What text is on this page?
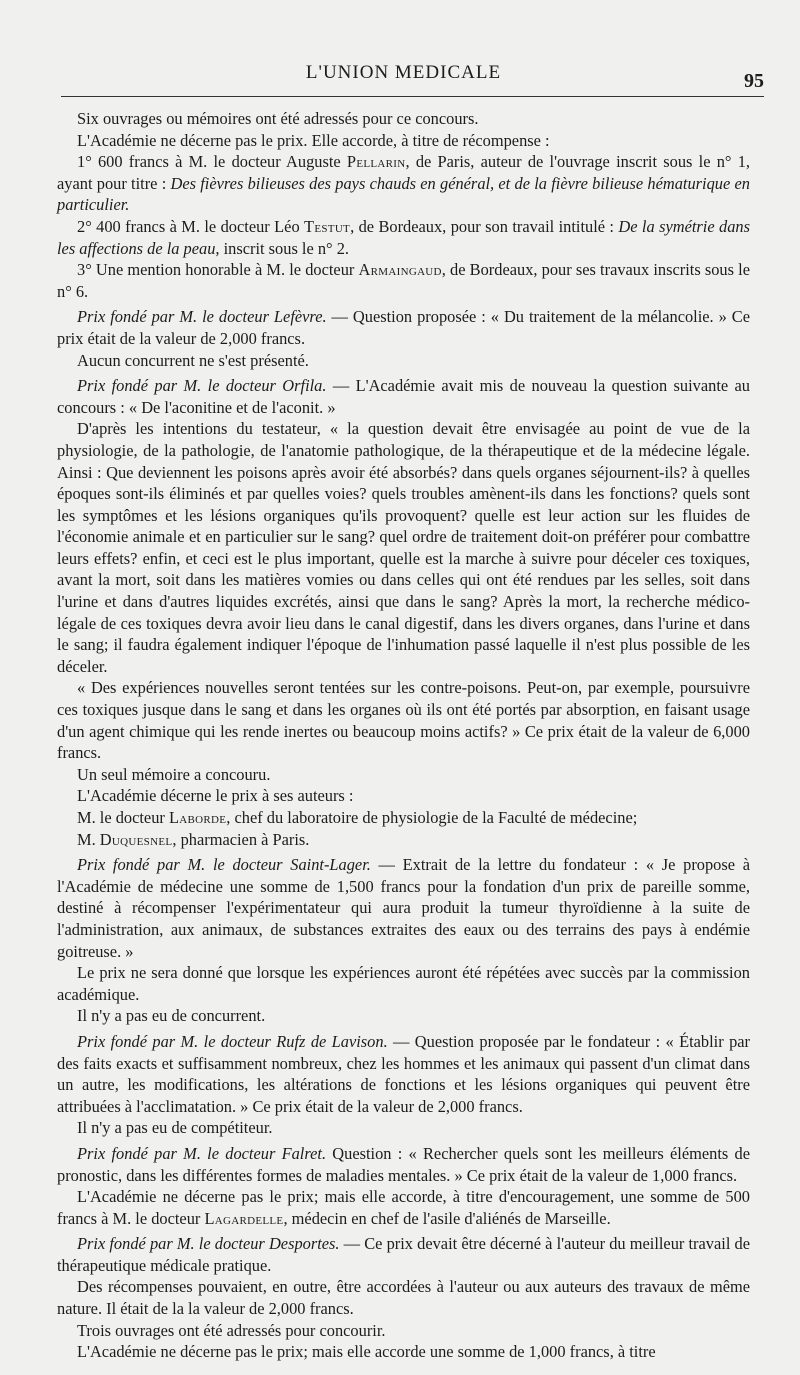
L'UNION MEDICALE	95

Six ouvrages ou mémoires ont été adressés pour ce concours.

L'Académie ne décerne pas le prix. Elle accorde, à titre de récompense :

1° 600 francs à M. le docteur Auguste Pellarin, de Paris, auteur de l'ouvrage inscrit sous le n° 1, ayant pour titre : Des fièvres bilieuses des pays chauds en général, et de la fièvre bilieuse hématurique en particulier.

2° 400 francs à M. le docteur Léo Testut, de Bordeaux, pour son travail intitulé : De la symétrie dans les affections de la peau, inscrit sous le n° 2.

3° Une mention honorable à M. le docteur Armaingaud, de Bordeaux, pour ses travaux inscrits sous le n° 6.

Prix fondé par M. le docteur Lefèvre. — Question proposée : « Du traitement de la mélancolie. » Ce prix était de la valeur de 2,000 francs.

Aucun concurrent ne s'est présenté.

Prix fondé par M. le docteur Orfila. — L'Académie avait mis de nouveau la question suivante au concours : « De l'aconitine et de l'aconit. »

D'après les intentions du testateur, « la question devait être envisagée au point de vue de la physiologie, de la pathologie, de l'anatomie pathologique, de la thérapeutique et de la médecine légale. Ainsi : Que deviennent les poisons après avoir été absorbés? dans quels organes séjournent-ils? à quelles époques sont-ils éliminés et par quelles voies? quels troubles amènent-ils dans les fonctions? quels sont les symptômes et les lésions organiques qu'ils provoquent? quelle est leur action sur les fluides de l'économie animale et en particulier sur le sang? quel ordre de traitement doit-on préférer pour combattre leurs effets? enfin, et ceci est le plus important, quelle est la marche à suivre pour déceler ces toxiques, avant la mort, soit dans les matières vomies ou dans celles qui ont été rendues par les selles, soit dans l'urine et dans d'autres liquides excrétés, ainsi que dans le sang? Après la mort, la recherche médico-légale de ces toxiques devra avoir lieu dans le canal digestif, dans les divers organes, dans l'urine et dans le sang; il faudra également indiquer l'époque de l'inhumation passé laquelle il n'est plus possible de les déceler.

« Des expériences nouvelles seront tentées sur les contre-poisons. Peut-on, par exemple, poursuivre ces toxiques jusque dans le sang et dans les organes où ils ont été portés par absorption, en faisant usage d'un agent chimique qui les rende inertes ou beaucoup moins actifs? » Ce prix était de la valeur de 6,000 francs.

Un seul mémoire a concouru.

L'Académie décerne le prix à ses auteurs :

M. le docteur Laborde, chef du laboratoire de physiologie de la Faculté de médecine;

M. Duquesnel, pharmacien à Paris.

Prix fondé par M. le docteur Saint-Lager. — Extrait de la lettre du fondateur : « Je propose à l'Académie de médecine une somme de 1,500 francs pour la fondation d'un prix de pareille somme, destiné à récompenser l'expérimentateur qui aura produit la tumeur thyroïdienne à la suite de l'administration, aux animaux, de substances extraites des eaux ou des terrains des pays à endémie goitreuse. »

Le prix ne sera donné que lorsque les expériences auront été répétées avec succès par la commission académique.

Il n'y a pas eu de concurrent.

Prix fondé par M. le docteur Rufz de Lavison. — Question proposée par le fondateur : « Établir par des faits exacts et suffisamment nombreux, chez les hommes et les animaux qui passent d'un climat dans un autre, les modifications, les altérations de fonctions et les lésions organiques qui peuvent être attribuées à l'acclimatation. » Ce prix était de la valeur de 2,000 francs.

Il n'y a pas eu de compétiteur.

Prix fondé par M. le docteur Falret. Question : « Rechercher quels sont les meilleurs éléments de pronostic, dans les différentes formes de maladies mentales. » Ce prix était de la valeur de 1,000 francs.

L'Académie ne décerne pas le prix; mais elle accorde, à titre d'encouragement, une somme de 500 francs à M. le docteur Lagardelle, médecin en chef de l'asile d'aliénés de Marseille.

Prix fondé par M. le docteur Desportes. — Ce prix devait être décerné à l'auteur du meilleur travail de thérapeutique médicale pratique.

Des récompenses pouvaient, en outre, être accordées à l'auteur ou aux auteurs des travaux de même nature. Il était de la la valeur de 2,000 francs.

Trois ouvrages ont été adressés pour concourir.

L'Académie ne décerne pas le prix; mais elle accorde une somme de 1,000 francs, à titre
